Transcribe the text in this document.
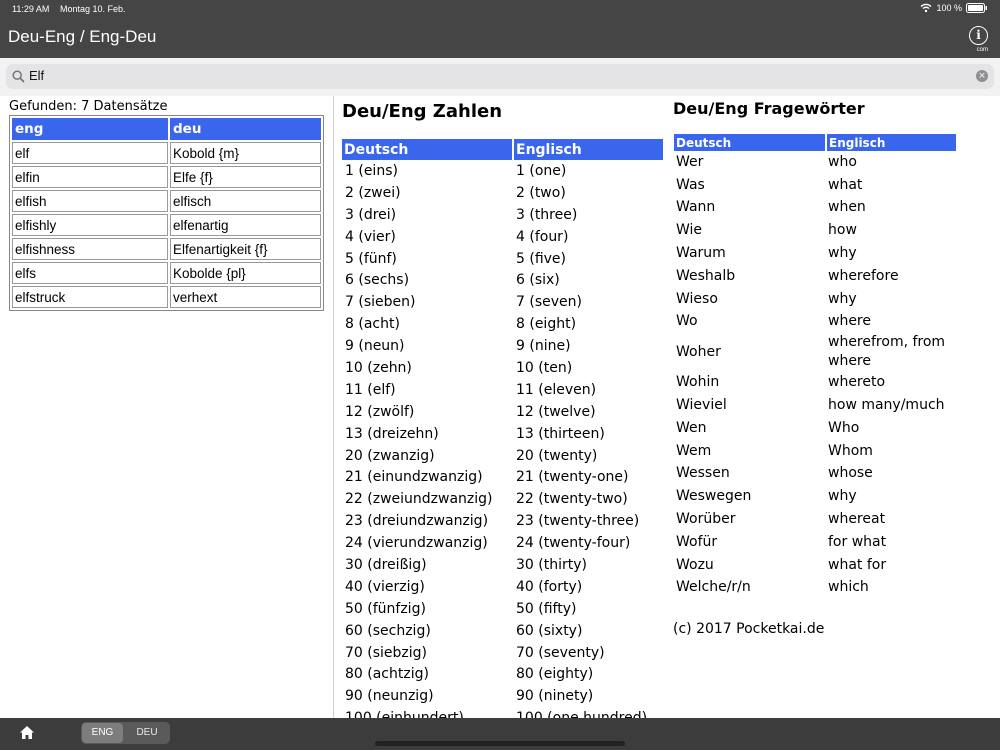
11:29 AM Montag 10. Feb.	100 %
Deu-Eng / Eng-Deu	i
com
Elf	×
Gefunden: 7 Datensätze
eng	deu
elf	Kobold {m}
elfin	Elfe {f}
elfish	elfisch
elfishly	elfenartig
elfishness	Elfenartigkeit {f}
elfs	Kobolde {pl}
elfstruck	verhext
Deu/Eng Zahlen
Deutsch	Englisch
1 (eins)	1 (one)
2 (zwei)	2 (two)
3 (drei)	3 (three)
4 (vier)	4 (four)
5 (fünf)	5 (five)
6 (sechs)	6 (six)
7 (sieben)	7 (seven)
8 (acht)	8 (eight)
9 (neun)	9 (nine)
10 (zehn)	10 (ten)
11 (elf)	11 (eleven)
12 (zwölf)	12 (twelve)
13 (dreizehn)	13 (thirteen)
20 (zwanzig)	20 (twenty)
21 (einundzwanzig)	21 (twenty-one)
22 (zweiundzwanzig)	22 (twenty-two)
23 (dreiundzwanzig)	23 (twenty-three)
24 (vierundzwanzig)	24 (twenty-four)
30 (dreißig)	30 (thirty)
40 (vierzig)	40 (forty)
50 (fünfzig)	50 (fifty)
60 (sechzig)	60 (sixty)
70 (siebzig)	70 (seventy)
80 (achtzig)	80 (eighty)
90 (neunzig)	90 (ninety)

Deu/Eng Fragewörter
Deutsch	Englisch
Wer	who
Was	what
Wann	when
Wie	how
Warum	why
Weshalb	wherefore
Wieso	why
Wo	where
Woher	wherefrom, from where
Wohin	whereto
Wieviel	how many/much
Wen	Who
Wem	Whom
Wessen	whose
Weswegen	why
Worüber	whereat
Wofür	for what
Wozu	what for
Welche/r/n	which
(c) 2017 Pocketkai.de
ENG	DEU
